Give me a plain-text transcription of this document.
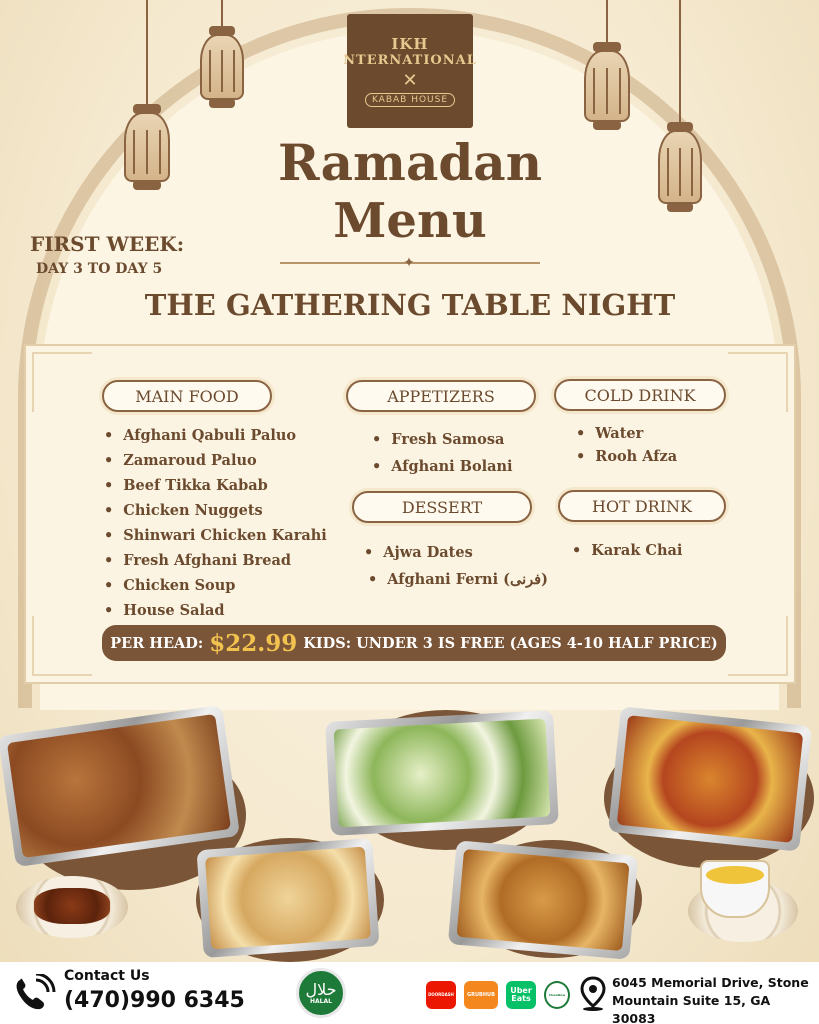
IKH
NTERNATIONAL
✕
KABAB HOUSE
Ramadan
Menu
✦
FIRST WEEK:
DAY 3 TO DAY 5
THE GATHERING TABLE NIGHT
MAIN FOOD	APPETIZERS	COLD DRINK
DESSERT	HOT DRINK
• Afghani Qabuli Paluo
• Zamaroud Paluo
• Beef Tikka Kabab
• Chicken Nuggets
• Shinwari Chicken Karahi
• Fresh Afghani Bread
• Chicken Soup
• House Salad
• Fresh Samosa
• Afghani Bolani
• Water
• Rooh Afza
• Ajwa Dates
• Afghani Ferni (فرنی)
• Karak Chai
PER HEAD: $22.99 KIDS: UNDER 3 IS FREE (AGES 4-10 HALF PRICE)
Contact Us
(470)990 6345	حلال
HALAL
DOORDASH	GRUBHUB	Uber Eats	ChowNow
6045 Memorial Drive, Stone
Mountain Suite 15, GA 30083
